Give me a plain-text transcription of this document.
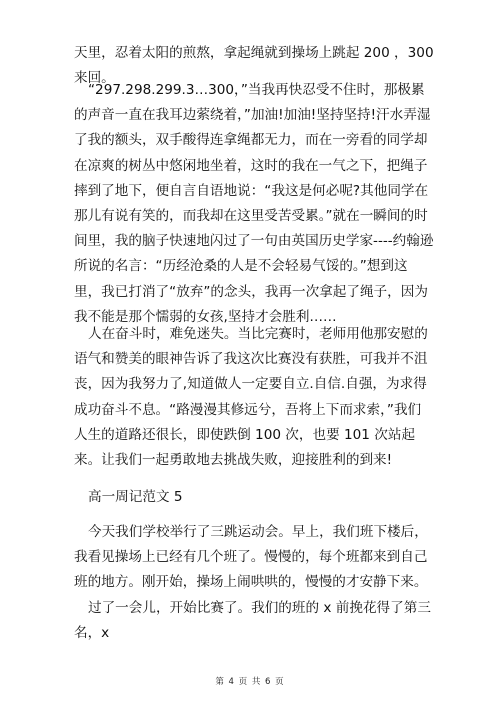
天里，忍着太阳的煎熬，拿起绳就到操场上跳起 200 ，300 来回。

“297.298.299.3…300，”当我再快忍受不住时，那极累的声音一直在我耳边萦绕着，”加油!加油!坚持坚持!汗水弄湿了我的额头，双手酸得连拿绳都无力，而在一旁看的同学却在凉爽的树丛中悠闲地坐着，这时的我在一气之下，把绳子摔到了地下，便自言自语地说：“我这是何必呢?其他同学在那儿有说有笑的，而我却在这里受苦受累。”就在一瞬间的时间里，我的脑子快速地闪过了一句由英国历史学家----约翰逊所说的名言：“历经沧桑的人是不会轻易气馁的。”想到这里，我已打消了“放弃”的念头，我再一次拿起了绳子，因为我不能是那个懦弱的女孩,坚持才会胜利……

人在奋斗时，难免迷失。当比完赛时，老师用他那安慰的语气和赞美的眼神告诉了我这次比赛没有获胜，可我并不沮丧，因为我努力了,知道做人一定要自立.自信.自强，为求得成功奋斗不息。“路漫漫其修远兮，吾将上下而求索，”我们人生的道路还很长，即使跌倒 100 次，也要 101 次站起来。让我们一起勇敢地去挑战失败，迎接胜利的到来!

高一周记范文 5

今天我们学校举行了三跳运动会。早上，我们班下楼后，我看见操场上已经有几个班了。慢慢的，每个班都来到自己班的地方。刚开始，操场上闹哄哄的，慢慢的才安静下来。

过了一会儿，开始比赛了。我们的班的 x 前挽花得了第三名，x

第 4 页 共 6 页
